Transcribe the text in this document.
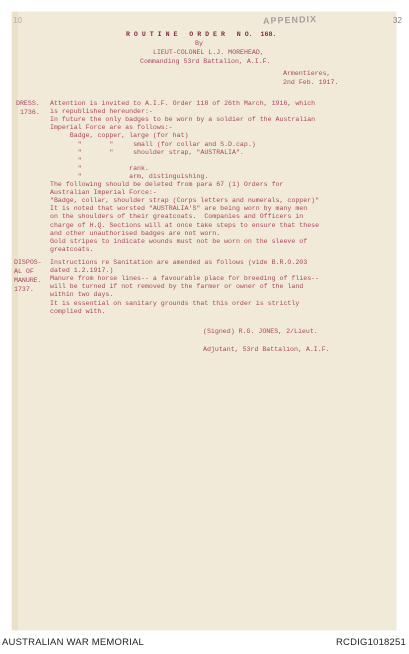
10	APPENDIX	32
R O U T I N E   O R D E R   N O.  168.
By
LIEUT-COLONEL L.J. MOREHEAD,
Commanding 53rd Battalion, A.I.F.
Armentieres,
2nd Feb. 1917.
DRESS.
1736.
Attention is invited to A.I.F. Order 118 of 26th March, 1916, which
is republished hereunder:-
In future the only badges to be worn by a soldier of the Australian
Imperial Force are as follows:-
Badge, copper, large (for hat)
"       "     small (for collar and S.D.cap.)
"       "     shoulder strap, "AUSTRALIA".
"
"            rank.
"            arm, distinguishing.
The following should be deleted from para 67 (1) Orders for
Australian Imperial Force:-
"Badge, collar, shoulder strap (Corps letters and numerals, copper)"
It is noted that worsted "AUSTRALIA'S" are being worn by many men
on the shoulders of their greatcoats.  Companies and Officers in
charge of H.Q. Sections will at once take steps to ensure that these
and other unauthorised badges are not worn.
Gold stripes to indicate wounds must not be worn on the sleeve of
greatcoats.
DISPOS-
AL OF
MANURE.
1737.
Instructions re Sanitation are amended as follows (vide B.R.O.203
dated 1.2.1917.)
Manure from horse lines-- a favourable place for breeding of flies--
will be turned if not removed by the farmer or owner of the land
within two days.
It is essential on sanitary grounds that this order is strictly
complied with.
(Signed) R.G. JONES, 2/Lieut.
Adjutant, 53rd Battalion, A.I.F.
AUSTRALIAN WAR MEMORIAL	RCDIG1018251
